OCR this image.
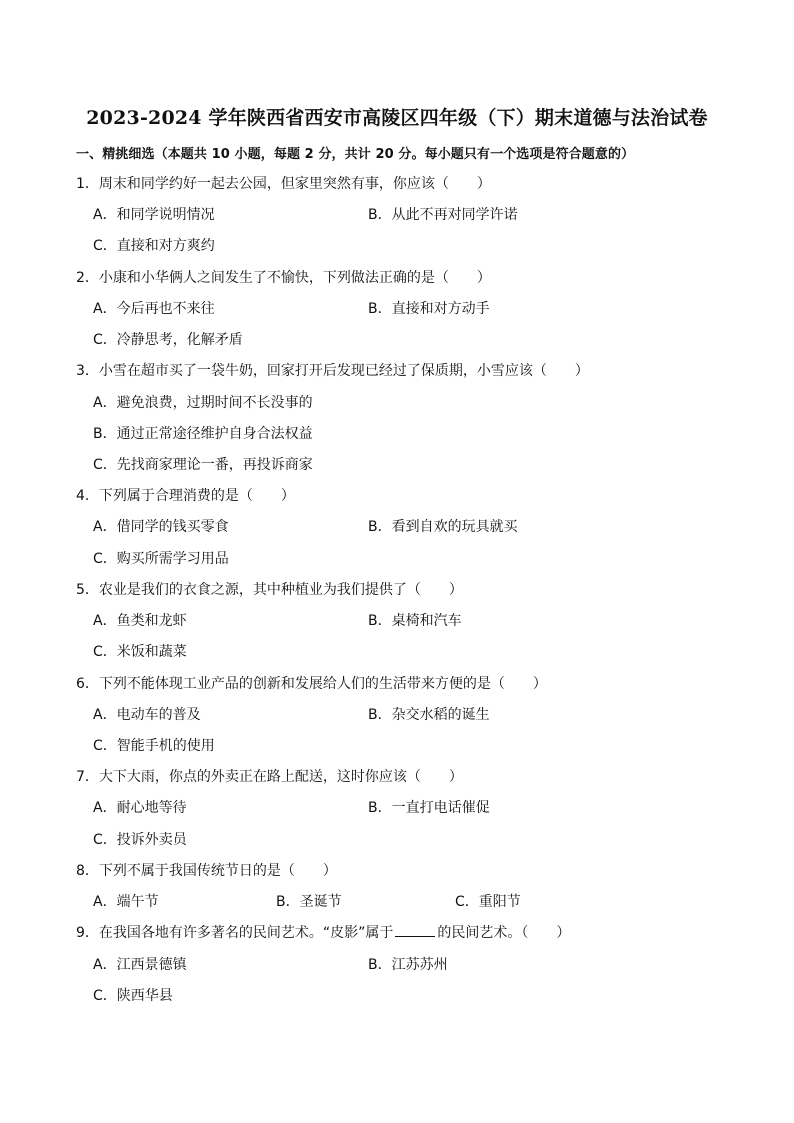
2023-2024 学年陕西省西安市高陵区四年级（下）期末道德与法治试卷
一、精挑细选（本题共 10 小题，每题 2 分，共计 20 分。每小题只有一个选项是符合题意的）
1．周末和同学约好一起去公园，但家里突然有事，你应该（　　）
A．和同学说明情况	B．从此不再对同学许诺
C．直接和对方爽约
2．小康和小华俩人之间发生了不愉快，下列做法正确的是（　　）
A．今后再也不来往	B．直接和对方动手
C．冷静思考，化解矛盾
3．小雪在超市买了一袋牛奶，回家打开后发现已经过了保质期，小雪应该（　　）
A．避免浪费，过期时间不长没事的
B．通过正常途径维护自身合法权益
C．先找商家理论一番，再投诉商家
4．下列属于合理消费的是（　　）
A．借同学的钱买零食	B．看到自欢的玩具就买
C．购买所需学习用品
5．农业是我们的衣食之源，其中种植业为我们提供了（　　）
A．鱼类和龙虾	B．桌椅和汽车
C．米饭和蔬菜
6．下列不能体现工业产品的创新和发展给人们的生活带来方便的是（　　）
A．电动车的普及	B．杂交水稻的诞生
C．智能手机的使用
7．大下大雨，你点的外卖正在路上配送，这时你应该（　　）
A．耐心地等待	B．一直打电话催促
C．投诉外卖员
8．下列不属于我国传统节日的是（　　）
A．端午节	B．圣诞节	C．重阳节
9．在我国各地有许多著名的民间艺术。“皮影”属于	的民间艺术。（　　）
A．江西景德镇	B．江苏苏州
C．陕西华县
